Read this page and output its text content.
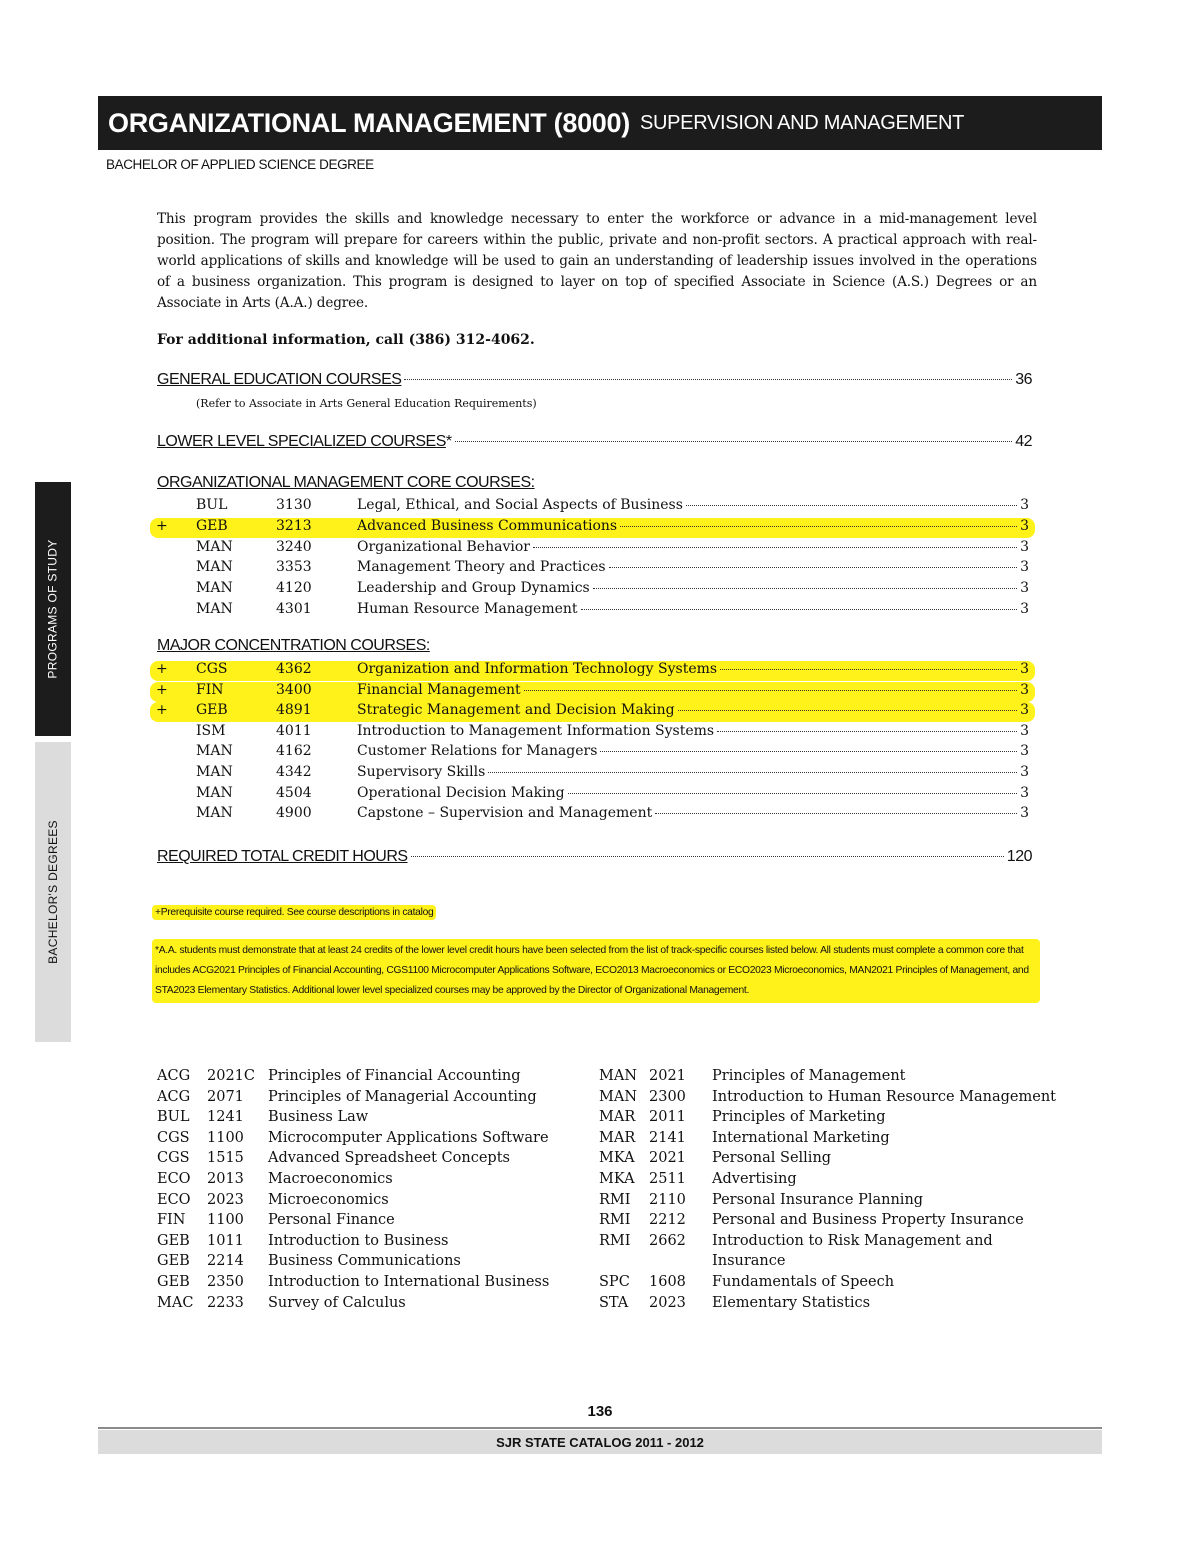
ORGANIZATIONAL MANAGEMENT (8000) SUPERVISION AND MANAGEMENT
BACHELOR OF APPLIED SCIENCE DEGREE
PROGRAMS OF STUDY
BACHELOR'S DEGREES
This program provides the skills and knowledge necessary to enter the workforce or advance in a mid-management level position. The program will prepare for careers within the public, private and non-profit sectors. A practical approach with real-world applications of skills and knowledge will be used to gain an understanding of leadership issues involved in the operations of a business organization. This program is designed to layer on top of specified Associate in Science (A.S.) Degrees or an Associate in Arts (A.A.) degree.
For additional information, call (386) 312-4062.
GENERAL EDUCATION COURSES	36
(Refer to Associate in Arts General Education Requirements)
LOWER LEVEL SPECIALIZED COURSES *	42
ORGANIZATIONAL MANAGEMENT CORE COURSES:
BUL	3130	Legal, Ethical, and Social Aspects of Business	3
+	GEB	3213	Advanced Business Communications	3
MAN	3240	Organizational Behavior	3
MAN	3353	Management Theory and Practices	3
MAN	4120	Leadership and Group Dynamics	3
MAN	4301	Human Resource Management	3
MAJOR CONCENTRATION COURSES:
+	CGS	4362	Organization and Information Technology Systems	3
+	FIN	3400	Financial Management	3
+	GEB	4891	Strategic Management and Decision Making	3
ISM	4011	Introduction to Management Information Systems	3
MAN	4162	Customer Relations for Managers	3
MAN	4342	Supervisory Skills	3
MAN	4504	Operational Decision Making	3
MAN	4900	Capstone – Supervision and Management	3
REQUIRED TOTAL CREDIT HOURS	120
+Prerequisite course required. See course descriptions in catalog
*A.A. students must demonstrate that at least 24 credits of the lower level credit hours have been selected from the list of track-specific courses listed below. All students must complete a common core that includes ACG2021 Principles of Financial Accounting, CGS1100 Microcomputer Applications Software, ECO2013 Macroeconomics or ECO2023 Microeconomics, MAN2021 Principles of Management, and STA2023 Elementary Statistics. Additional lower level specialized courses may be approved by the Director of Organizational Management.
ACG	2021C Principles of Financial Accounting
ACG	2071	Principles of Managerial Accounting
BUL	1241	Business Law
CGS	1100	Microcomputer Applications Software
CGS	1515	Advanced Spreadsheet Concepts
ECO	2013	Macroeconomics
ECO	2023	Microeconomics
FIN	1100	Personal Finance
GEB	1011	Introduction to Business
GEB	2214	Business Communications
GEB	2350	Introduction to International Business
MAC 2233	Survey of Calculus
MAN 2021	Principles of Management
MAN 2300	Introduction to Human Resource Management
MAR 2011	Principles of Marketing
MAR 2141	International Marketing
MKA 2021	Personal Selling
MKA 2511	Advertising
RMI	2110	Personal Insurance Planning
RMI	2212	Personal and Business Property Insurance
RMI	2662	Introduction to Risk Management and
Insurance
SPC	1608	Fundamentals of Speech
STA	2023	Elementary Statistics
136
SJR STATE CATALOG 2011 - 2012
